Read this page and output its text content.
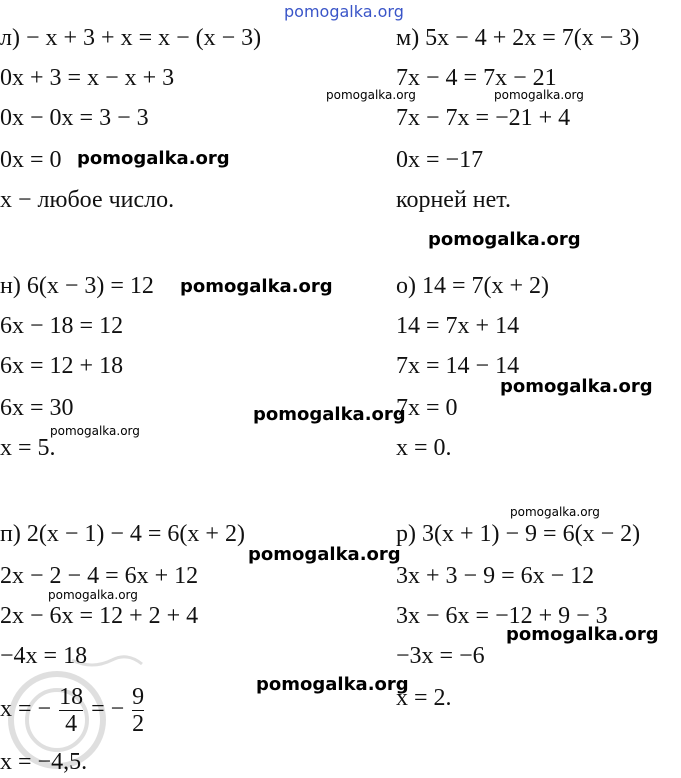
pomogalka.org
л) − x + 3 + x = x − (x − 3)
0x + 3 = x − x + 3
0x − 0x = 3 − 3
0x = 0
x − любое число.
м) 5x − 4 + 2x = 7(x − 3)
7x − 4 = 7x − 21
7x − 7x = −21 + 4
0x = −17
корней нет.
н) 6(x − 3) = 12
6x − 18 = 12
6x = 12 + 18
6x = 30
x = 5.
о) 14 = 7(x + 2)
14 = 7x + 14
7x = 14 − 14
7x = 0
x = 0.
п) 2(x − 1) − 4 = 6(x + 2)
2x − 2 − 4 = 6x + 12
2x − 6x = 12 + 2 + 4
−4x = 18
x = − $\frac{18}{4}$ = − $\frac{9}{2}$
x = −4,5.
р) 3(x + 1) − 9 = 6(x − 2)
3x + 3 − 9 = 6x − 12
3x − 6x = −12 + 9 − 3
−3x = −6
x = 2.
pomogalka.org	pomogalka.org
pomogalka.org
pomogalka.org
pomogalka.org
pomogalka.org
pomogalka.org
pomogalka.org
pomogalka.org
pomogalka.org
pomogalka.org
pomogalka.org
pomogalka.org
